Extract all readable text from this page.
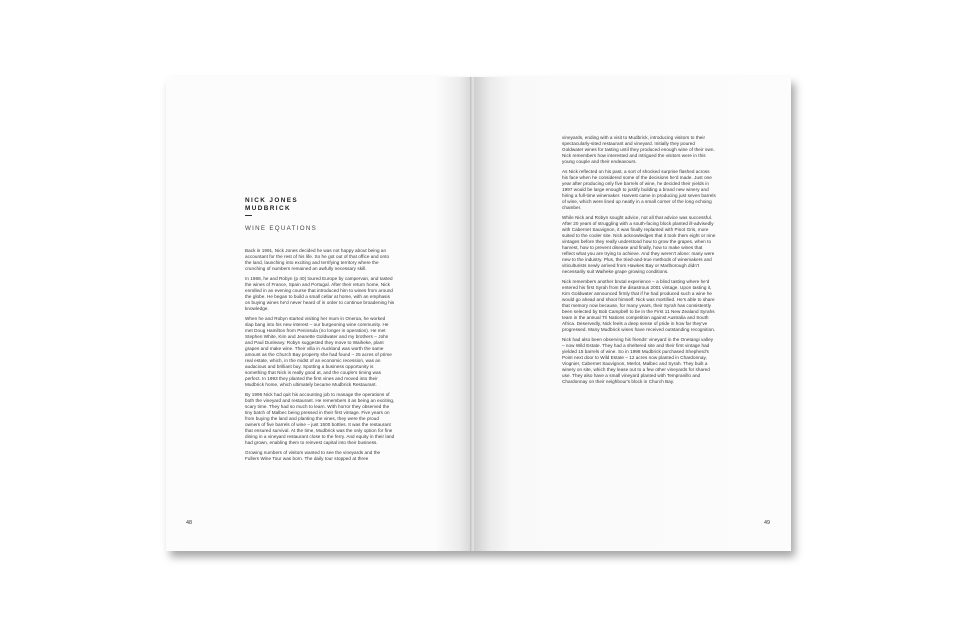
NICK JONES
MUDBRICK
WINE EQUATIONS

Back in 1991, Nick Jones decided he was not happy about being an accountant for the rest of his life. So he got out of that office and onto the land, launching into exciting and terrifying territory where the crunching of numbers remained an awfully necessary skill.

In 1988, he and Robyn (p 40) toured Europe by campervan, and tasted the wines of France, Spain and Portugal. After their return home, Nick enrolled in an evening course that introduced him to wines from around the globe. He began to build a small cellar at home, with an emphasis on buying wines he'd never heard of in order to continue broadening his knowledge.

When he and Robyn started visiting her mum in Oneroa, he worked slap bang into his new interest – our burgeoning wine community. He met Doug Hamilton from Peninsula (no longer in operation). He met Stephen White, Kim and Jeanette Goldwater and my brothers – John and Paul Dunleavy. Robyn suggested they move to Waiheke, plant grapes and make wine. Their villa in Auckland was worth the same amount as the Church Bay property she had found – 25 acres of prime real estate, which, in the midst of an economic recession, was an audacious and brilliant buy. Spotting a business opportunity is something that Nick is really good at, and the couple's timing was perfect. In 1993 they planted the first vines and moved into their Mudbrick home, which ultimately became Mudbrick Restaurant.

By 1996 Nick had quit his accounting job to manage the operations of both the vineyard and restaurant. He remembers it as being an exciting, scary time. They had so much to learn. With horror they observed the tiny batch of Malbec being pressed in their first vintage. Five years on from buying the land and planting the vines, they were the proud owners of five barrels of wine – just 1500 bottles. It was the restaurant that ensured survival. At the time, Mudbrick was the only option for fine dining in a vineyard restaurant close to the ferry. And equity in their land had grown, enabling them to reinvest capital into their business.

Growing numbers of visitors wanted to see the vineyards and the Fullers Wine Tour was born. The daily tour stopped at three

48

vineyards, ending with a visit to Mudbrick, introducing visitors to their spectacularly-sited restaurant and vineyard. Initially they poured Goldwater wines for tasting until they produced enough wine of their own. Nick remembers how interested and intrigued the visitors were in this young couple and their endeavours.

As Nick reflected on his past, a sort of shocked surprise flashed across his face when he considered some of the decisions he'd made. Just one year after producing only five barrels of wine, he decided their yields in 1997 would be large enough to justify building a brand new winery and hiring a full-time winemaker. Harvest came in producing just seven barrels of wine, which were lined up neatly in a small corner of the long echoing chamber.

While Nick and Robyn sought advice, not all that advice was successful. After 20 years of struggling with a south-facing block planted ill-advisedly with Cabernet Sauvignon, it was finally replanted with Pinot Gris, more suited to the cooler site. Nick acknowledges that it took them eight or nine vintages before they really understood how to grow the grapes, when to harvest, how to prevent disease and finally, how to make wines that reflect what you are trying to achieve. And they weren't alone: many were new to the industry. Plus, the tried-and-true methods of winemakers and viticulturists newly arrived from Hawkes Bay or Marlborough didn't necessarily suit Waiheke grape growing conditions.

Nick remembers another brutal experience – a blind tasting where he'd entered his first Syrah from the disastrous 2001 vintage. Upon tasting it, Kim Goldwater announced firmly that if he had produced such a wine he would go ahead and shoot himself. Nick was mortified. He's able to share that memory now because, for many years, their Syrah has consistently been selected by Bob Campbell to be in the First 11 New Zealand Syrahs team in the annual Tri Nations competition against Australia and South Africa. Deservedly, Nick feels a deep sense of pride in how far they've progressed. Many Mudbrick wines have received outstanding recognition.

Nick had also been observing his friends' vineyard in the Onetangi valley – now Wild Estate. They had a sheltered site and their first vintage had yielded 15 barrels of wine. So in 1998 Mudbrick purchased Shepherd's Point next door to Wild Estate – 12 acres now planted in Chardonnay, Viognier, Cabernet Sauvignon, Merlot, Malbec and Syrah. They built a winery on site, which they lease out to a few other vineyards for shared use. They also have a small vineyard planted with Tempranillo and Chardonnay on their neighbour's block in Church Bay.

49
